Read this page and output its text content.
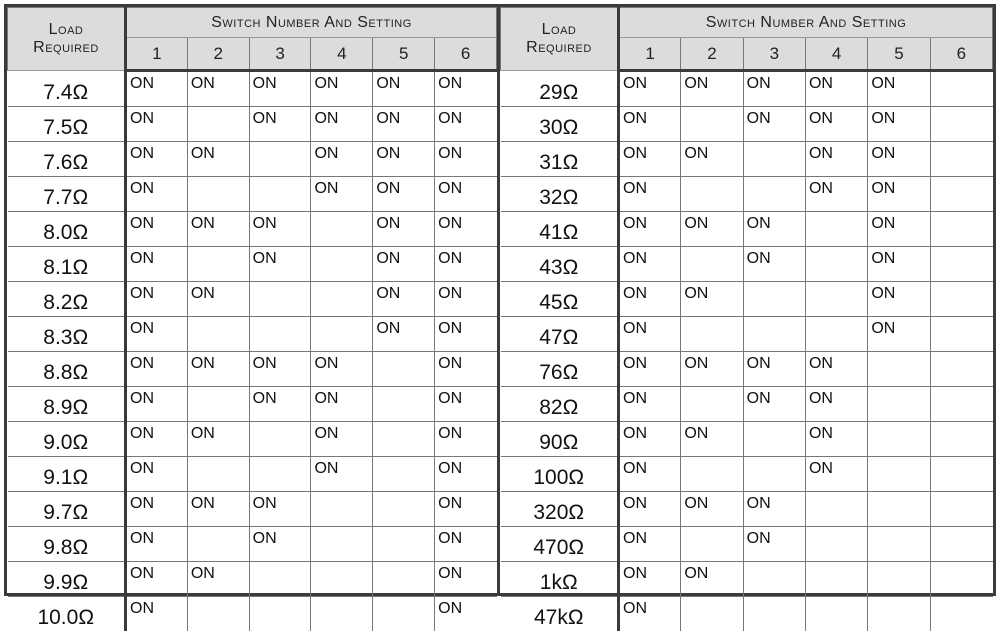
Load
Required	Switch Number And Setting					
	1	2	3	4	5	6
7.4Ω	ON	ON	ON	ON	ON	ON
7.5Ω	ON		ON	ON	ON	ON
7.6Ω	ON	ON		ON	ON	ON
7.7Ω	ON			ON	ON	ON
8.0Ω	ON	ON	ON		ON	ON
8.1Ω	ON		ON		ON	ON
8.2Ω	ON	ON			ON	ON
8.3Ω	ON				ON	ON
8.8Ω	ON	ON	ON	ON		ON
8.9Ω	ON		ON	ON		ON
9.0Ω	ON	ON		ON		ON
9.1Ω	ON			ON		ON
9.7Ω	ON	ON	ON			ON
9.8Ω	ON		ON			ON
9.9Ω	ON	ON				ON
10.0Ω	ON					ON
Load
Required	Switch Number And Setting					
	1	2	3	4	5	6
29Ω	ON	ON	ON	ON	ON	
30Ω	ON		ON	ON	ON	
31Ω	ON	ON		ON	ON	
32Ω	ON			ON	ON	
41Ω	ON	ON	ON		ON	
43Ω	ON		ON		ON	
45Ω	ON	ON			ON	
47Ω	ON				ON	
76Ω	ON	ON	ON	ON		
82Ω	ON		ON	ON		
90Ω	ON	ON		ON		
100Ω	ON			ON		
320Ω	ON	ON	ON			
470Ω	ON		ON			
1kΩ	ON	ON				
47kΩ	ON					
